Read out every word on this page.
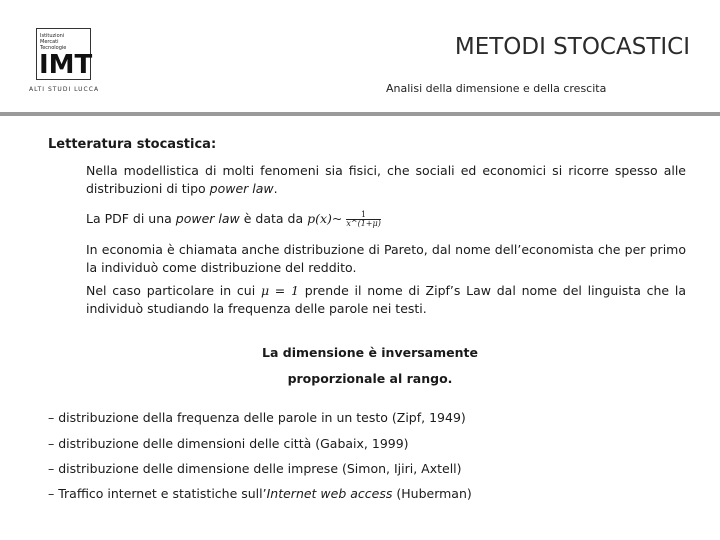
Istituzioni
Mercati
Tecnologie
IMT
ALTI STUDI LUCCA
METODI STOCASTICI
Analisi della dimensione e della crescita
Letteratura stocastica:
Nella modellistica di molti fenomeni sia fisici, che sociali ed economici si ricorre spesso alle distribuzioni di tipo power law.
La PDF di una power law è data da p(x)~ $\frac{1}{x\^{}(1+\mu)}$
In economia è chiamata anche distribuzione di Pareto, dal nome dell’economista che per primo la individuò come distribuzione del reddito.
Nel caso particolare in cui μ = 1 prende il nome di Zipf’s Law dal nome del linguista che la individuò studiando la frequenza delle parole nei testi.
La dimensione è inversamente
proporzionale al rango.
– distribuzione della frequenza delle parole in un testo (Zipf, 1949)
– distribuzione delle dimensioni delle città (Gabaix, 1999)
– distribuzione delle dimensione delle imprese (Simon, Ijiri, Axtell)
– Traffico internet e statistiche sull’Internet web access (Huberman)
